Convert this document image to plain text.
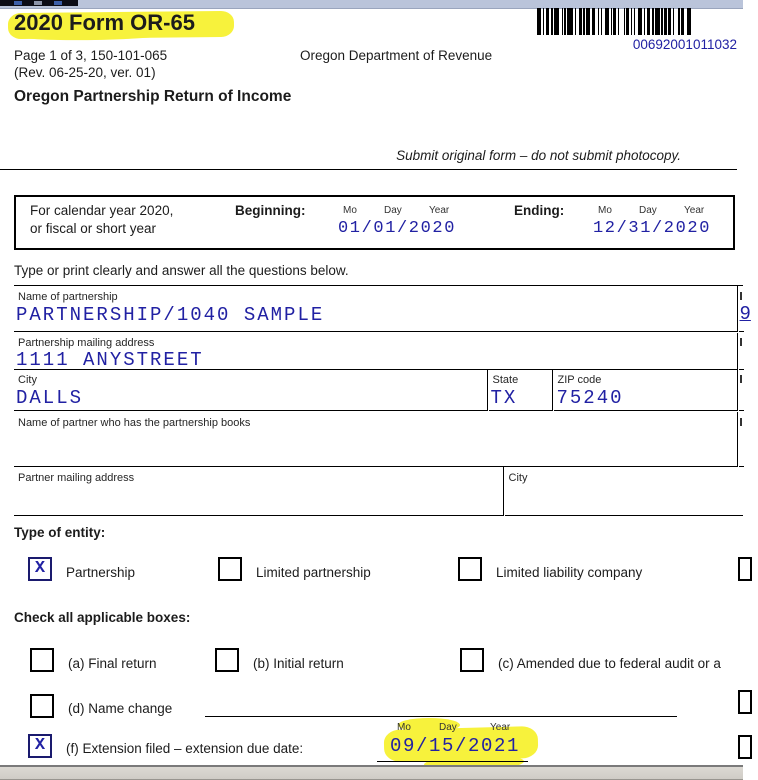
2020 Form OR-65
00692001011032
Page 1 of 3, 150-101-065	Oregon Department of Revenue
(Rev. 06-25-20, ver. 01)
Oregon Partnership Return of Income
Submit original form – do not submit photocopy.
For calendar year 2020,
or fiscal or short year
Beginning:	Mo	Day	Year
01/01/2020
Ending:	Mo	Day	Year
12/31/2020
Type or print clearly and answer all the questions below.
Name of partnership
PARTNERSHIP/1040 SAMPLE	9
Partnership mailing address
1111 ANYSTREET
City
DALLS
State
TX
ZIP code
75240
Name of partner who has the partnership books
Partner mailing address	City
Type of entity:
X	Partnership	Limited partnership	Limited liability company
Check all applicable boxes:
(a) Final return	(b) Initial return	(c) Amended due to federal audit or a
(d) Name change
Mo	Day	Year
X	(f) Extension filed – extension due date:	09/15/2021
